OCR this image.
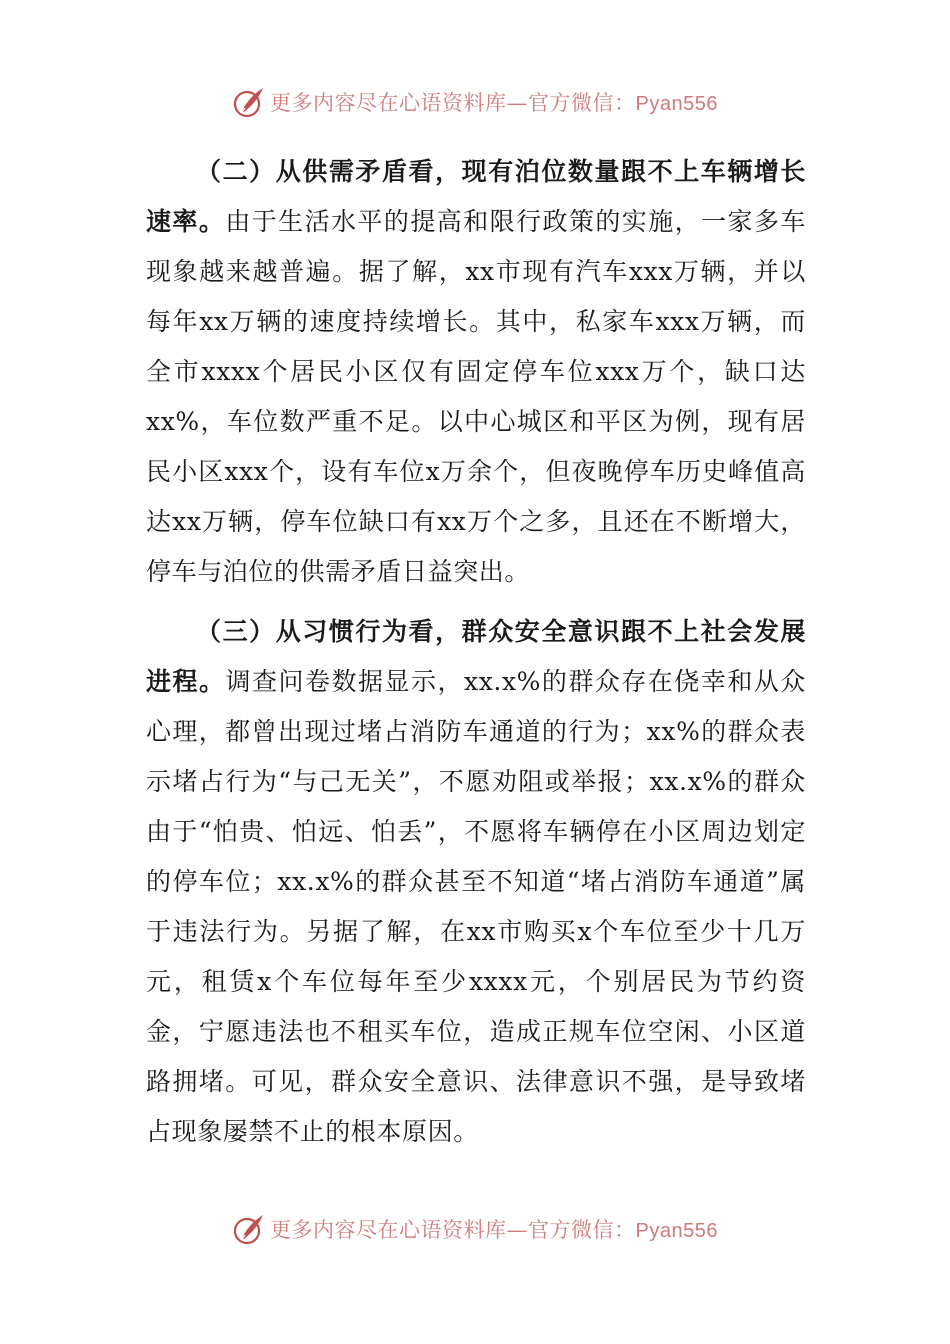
更多内容尽在心语资料库—官方微信：Pyan556

（二）从供需矛盾看，现有泊位数量跟不上车辆增长速率。由于生活水平的提高和限行政策的实施，一家多车现象越来越普遍。据了解，xx市现有汽车xxx万辆，并以每年xx万辆的速度持续增长。其中，私家车xxx万辆，而全市xxxx个居民小区仅有固定停车位xxx万个，缺口达xx%，车位数严重不足。以中心城区和平区为例，现有居民小区xxx个，设有车位x万余个，但夜晚停车历史峰值高达xx万辆，停车位缺口有xx万个之多，且还在不断增大，停车与泊位的供需矛盾日益突出。

（三）从习惯行为看，群众安全意识跟不上社会发展进程。调查问卷数据显示，xx.x%的群众存在侥幸和从众心理，都曾出现过堵占消防车通道的行为；xx%的群众表示堵占行为“与己无关”，不愿劝阻或举报；xx.x%的群众由于“怕贵、怕远、怕丢”，不愿将车辆停在小区周边划定的停车位；xx.x%的群众甚至不知道“堵占消防车通道”属于违法行为。另据了解，在xx市购买x个车位至少十几万元，租赁x个车位每年至少xxxx元，个别居民为节约资金，宁愿违法也不租买车位，造成正规车位空闲、小区道路拥堵。可见，群众安全意识、法律意识不强，是导致堵占现象屡禁不止的根本原因。

更多内容尽在心语资料库—官方微信：Pyan556
